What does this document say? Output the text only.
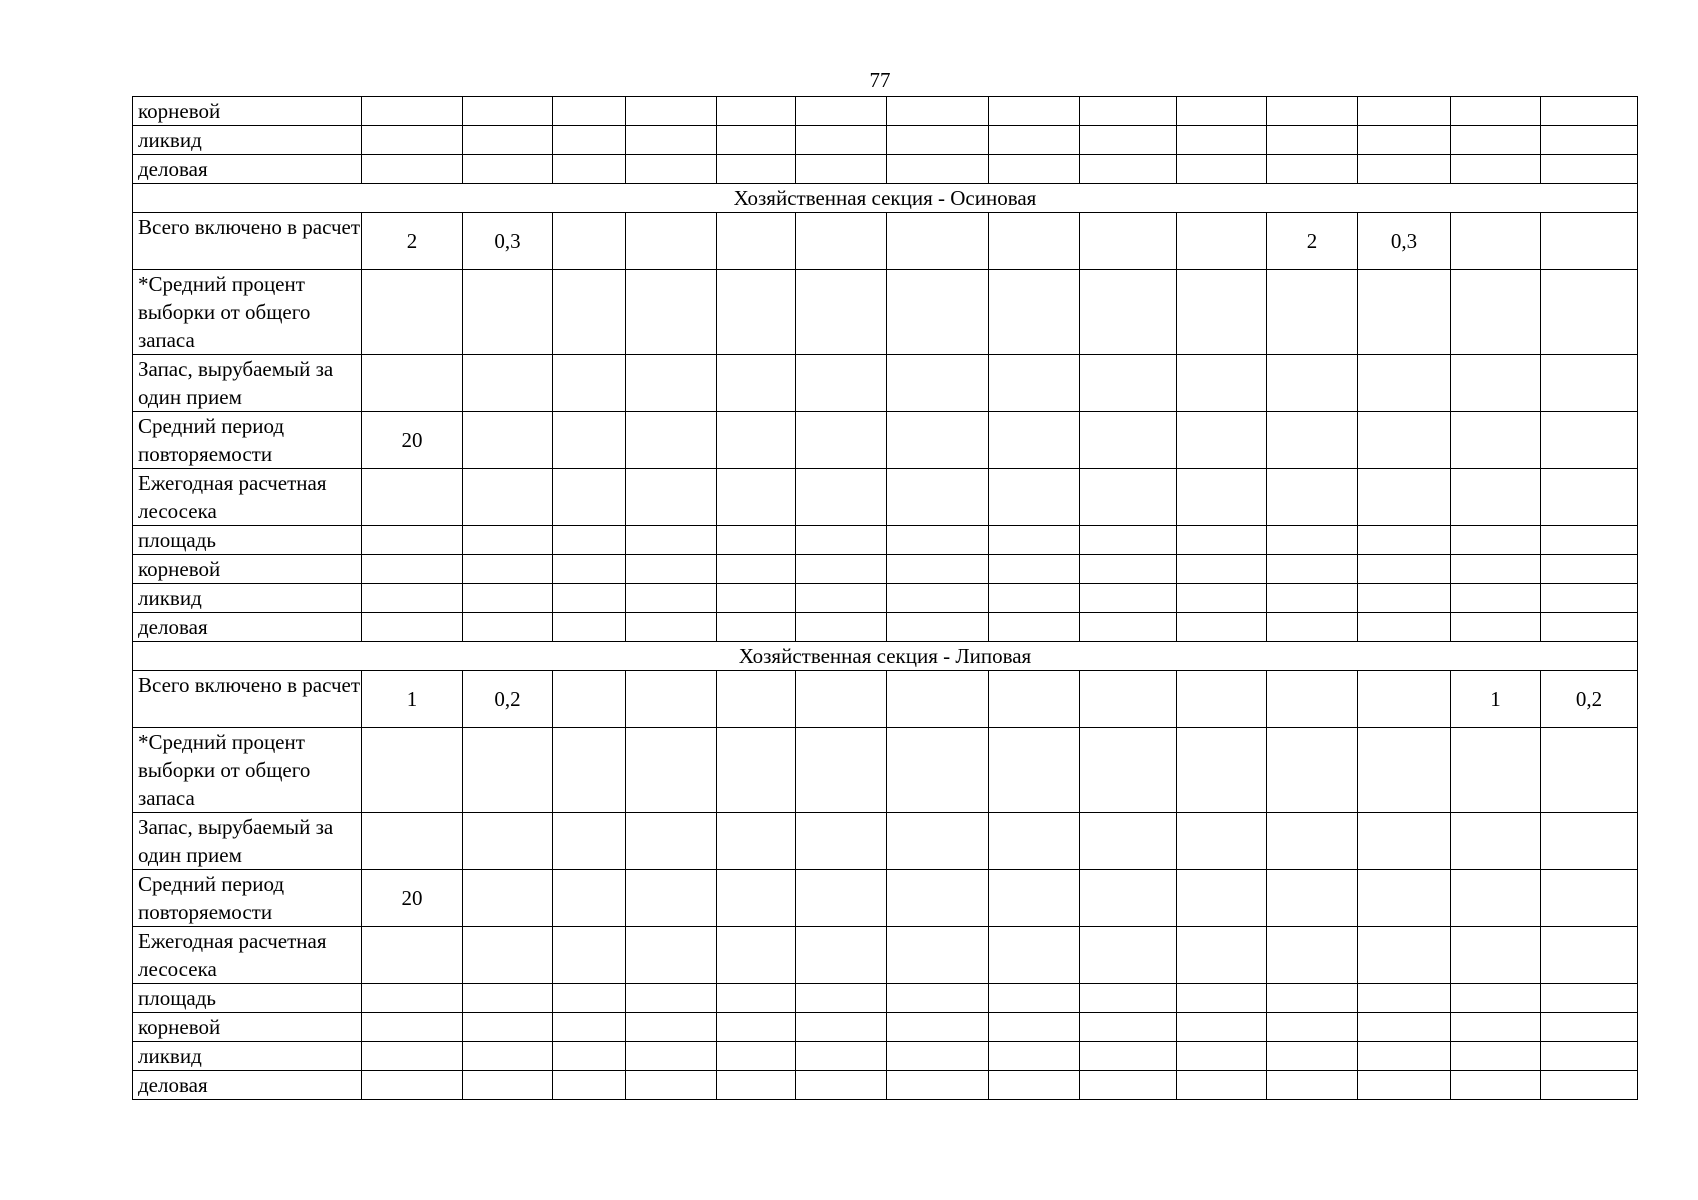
77
корневой														
ликвид														
деловая														
Хозяйственная секция - Осиновая														
Всего включено в расчет	2	0,3									2	0,3		
*Средний процент выборки от общего запаса														
Запас, вырубаемый за один прием														
Средний период повторяемости	20													
Ежегодная расчетная лесосека														
площадь														
корневой														
ликвид														
деловая														
Хозяйственная секция - Липовая														
Всего включено в расчет	1	0,2											1	0,2
*Средний процент выборки от общего запаса														
Запас, вырубаемый за один прием														
Средний период повторяемости	20													
Ежегодная расчетная лесосека														
площадь														
корневой														
ликвид														
деловая														
